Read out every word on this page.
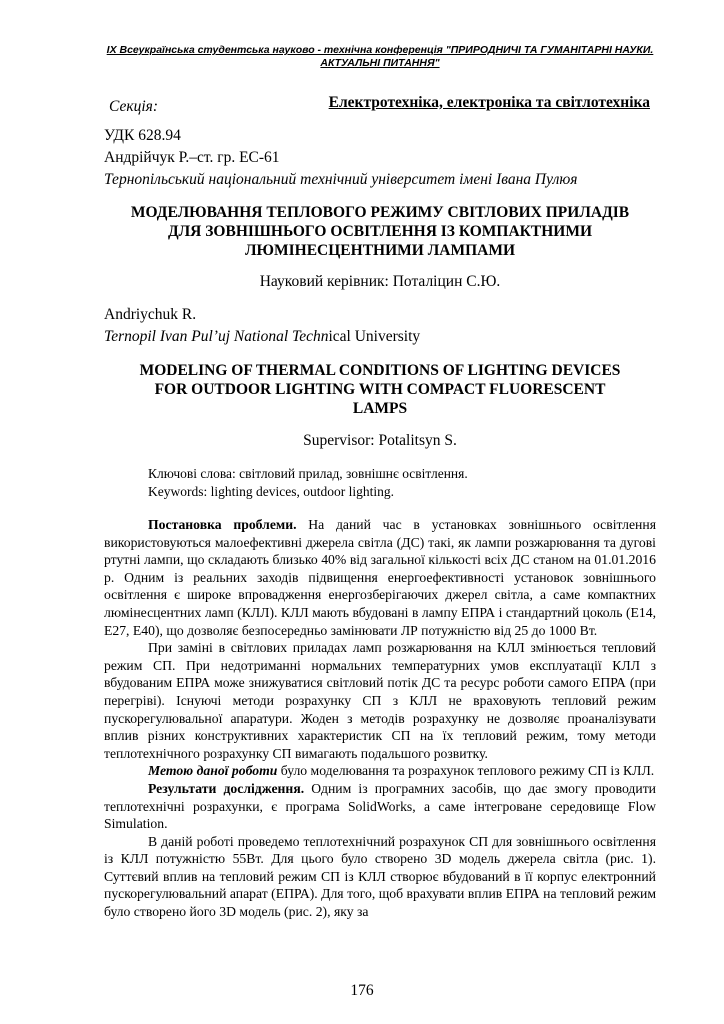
IX Всеукраїнська студентська науково - технічна конференція "ПРИРОДНИЧІ ТА ГУМАНІТАРНІ НАУКИ.
АКТУАЛЬНІ ПИТАННЯ"
Секція:	Електротехніка, електроніка та світлотехніка
УДК 628.94
Андрійчук Р.–ст. гр. ЕС-61
Тернопільський національний технічний університет імені Івана Пулюя
МОДЕЛЮВАННЯ ТЕПЛОВОГО РЕЖИМУ СВІТЛОВИХ ПРИЛАДІВ
ДЛЯ ЗОВНІШНЬОГО ОСВІТЛЕННЯ ІЗ КОМПАКТНИМИ
ЛЮМІНЕСЦЕНТНИМИ ЛАМПАМИ
Науковий керівник: Поталіцин С.Ю.
Andriychuk R.
Ternopil Ivan Pul’uj National Technical University
MODELING OF THERMAL CONDITIONS OF LIGHTING DEVICES
FOR OUTDOOR LIGHTING WITH COMPACT FLUORESCENT
LAMPS
Supervisor: Potalitsyn S.
Ключові слова: світловий прилад, зовнішнє освітлення.
Keywords: lighting devices, outdoor lighting.

Постановка проблеми. На даний час в установках зовнішнього освітлення використовуються малоефективні джерела світла (ДС) такі, як лампи розжарювання та дугові ртутні лампи, що складають близько 40% від загальної кількості всіх ДС станом на 01.01.2016 р. Одним із реальних заходів підвищення енергоефективності установок зовнішнього освітлення є широке впровадження енергозберігаючих джерел світла, а саме компактних люмінесцентних ламп (КЛЛ). КЛЛ мають вбудовані в лампу ЕПРА і стандартний цоколь (Е14, Е27, Е40), що дозволяє безпосередньо замінювати ЛР потужністю від 25 до 1000 Вт.

При заміні в світлових приладах ламп розжарювання на КЛЛ змінюється тепловий режим СП. При недотриманні нормальних температурних умов експлуатації КЛЛ з вбудованим ЕПРА може знижуватися світловий потік ДС та ресурс роботи самого ЕПРА (при перегріві). Існуючі методи розрахунку СП з КЛЛ не враховують тепловий режим пускорегулювальної апаратури. Жоден з методів розрахунку не дозволяє проаналізувати вплив різних конструктивних характеристик СП на їх тепловий режим, тому методи теплотехнічного розрахунку СП вимагають подальшого розвитку.

Метою даної роботи було моделювання та розрахунок теплового режиму СП із КЛЛ.

Результати дослідження. Одним із програмних засобів, що дає змогу проводити теплотехнічні розрахунки, є програма SolidWorks, а саме інтегроване середовище Flow Simulation.

В даній роботі проведемо теплотехнічний розрахунок СП для зовнішнього освітлення із КЛЛ потужністю 55Вт. Для цього було створено 3D модель джерела світла (рис. 1). Суттєвий вплив на тепловий режим СП із КЛЛ створює вбудований в її корпус електронний пускорегулювальний апарат (ЕПРА). Для того, щоб врахувати вплив ЕПРА на тепловий режим було створено його 3D модель (рис. 2), яку за

176
